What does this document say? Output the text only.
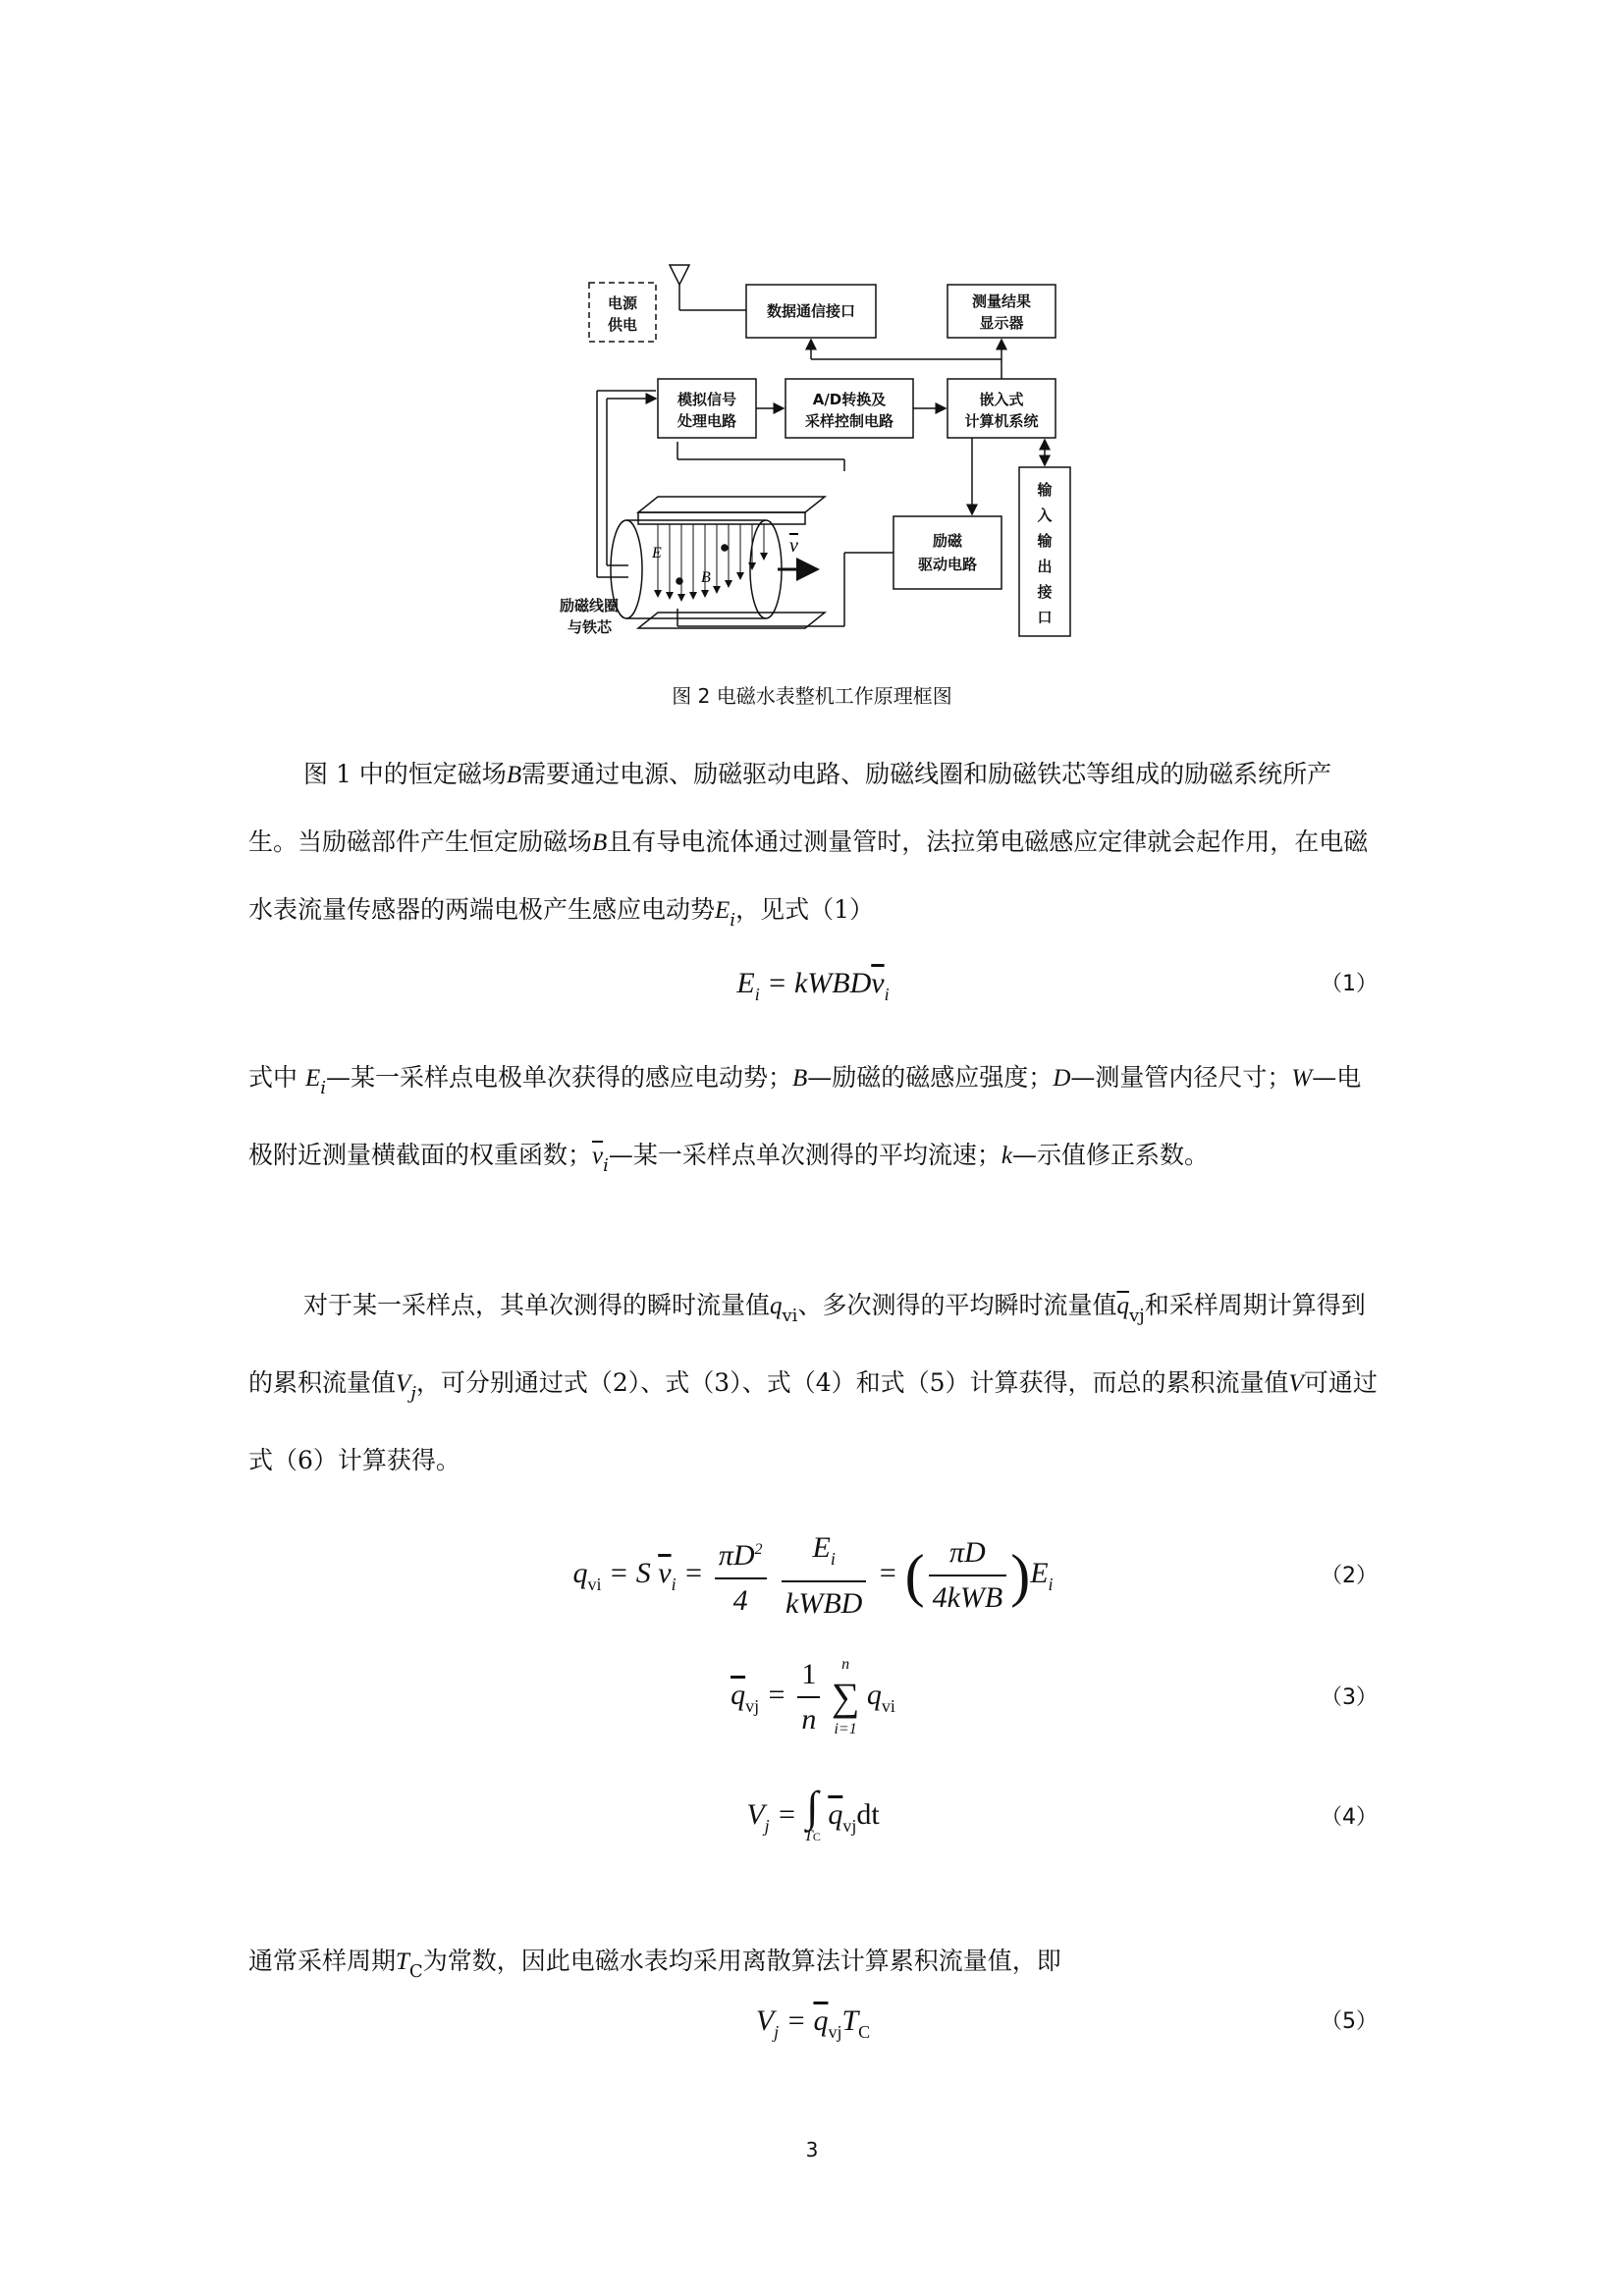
电源
供电
数据通信接口
测量结果
显示器
模拟信号
处理电路
A/D转换及
采样控制电路
嵌入式
计算机系统
励磁
驱动电路
输
入
输
出
接
口
励磁线圈
与铁芯
E
B
v
图 2 电磁水表整机工作原理框图

图 1 中的恒定磁场B需要通过电源、励磁驱动电路、励磁线圈和励磁铁芯等组成的励磁系统所产生。当励磁部件产生恒定励磁场B且有导电流体通过测量管时，法拉第电磁感应定律就会起作用，在电磁水表流量传感器的两端电极产生感应电动势$E_i$，见式（1）

$E_i$ = $kWBD\overline{v}_i$	（1）

式中 $E_i—$某一采样点电极单次获得的感应电动势；B—励磁的磁感应强度；D—测量管内径尺寸；W—电极附近测量横截面的权重函数；$\overline{v}_i—$某一采样点单次测得的平均流速；k—示值修正系数。

对于某一采样点，其单次测得的瞬时流量值$q_{vi}$、多次测得的平均瞬时流量值$\overline{q}_{vj}$和采样周期计算得到的累积流量值$V_j$，可分别通过式（2）、式（3）、式（4）和式（5）计算获得，而总的累积流量值V可通过式（6）计算获得。

$q_{vi} = S$ $\overline{v}_i = \frac{\pi D^2}{4}$
$\frac{E_i}{\text{kWBD}}$ = ( $\frac{\pi D}{\text{4kWB}} )E_i$	（2）
$\overline{q}_{vj} = \frac{1}{n}$
	n
∑
i=1
$q_{vi}$	（3）
$V_j$ = ∫
TC
$\overline{q}_{vj}dt$	（4）

通常采样周期$T_C$为常数，因此电磁水表均采用离散算法计算累积流量值，即

$V_j = \overline{q}_{vj}T_C$	（5）
3
